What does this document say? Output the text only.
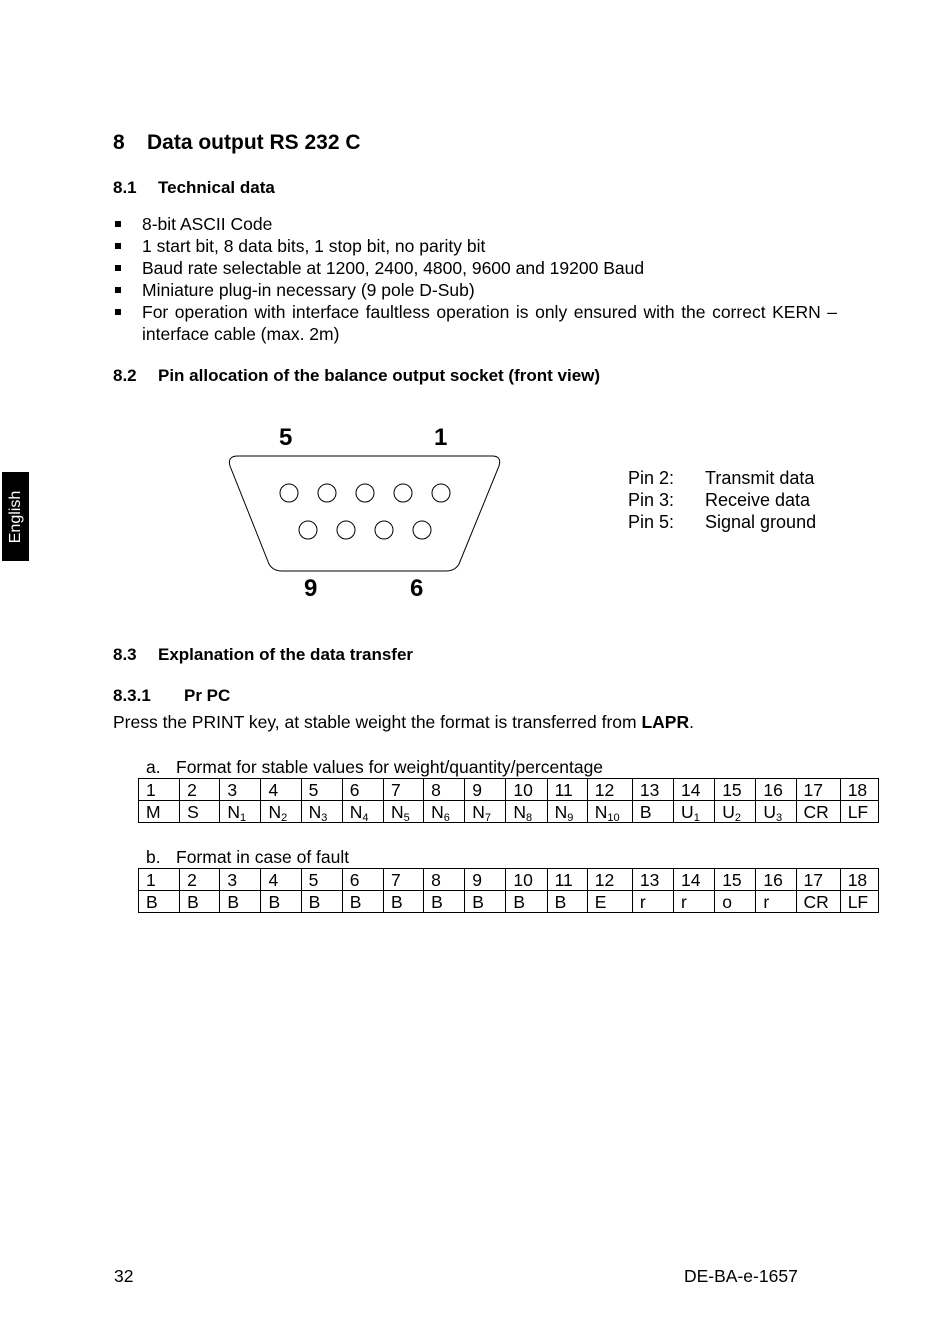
8 Data output RS 232 C
8.1 Technical data
8-bit ASCII Code
1 start bit, 8 data bits, 1 stop bit, no parity bit
Baud rate selectable at 1200, 2400, 4800, 9600 and 19200 Baud
Miniature plug-in necessary (9 pole D-Sub)
For operation with interface faultless operation is only ensured with the correct KERN – interface cable (max. 2m)
8.2 Pin allocation of the balance output socket (front view)
English
5	1
9	6
Pin 2:	Transmit data
Pin 3:	Receive data
Pin 5:	Signal ground
8.3 Explanation of the data transfer
8.3.1 Pr PC
Press the PRINT key, at stable weight the format is transferred from LAPR.
a. Format for stable values for weight/quantity/percentage
1	2	3	4	5	6	7	8	9	10	11	12	13	14	15	16	17	18
M	S	$N_1$	$N_2$	$N_3$	$N_4$	$N_5$	$N_6$	$N_7$	$N_8$	$N_9$	$N_{10}$	B	$U_1$	$U_2$	$U_3$	CR	LF
b. Format in case of fault
1	2	3	4	5	6	7	8	9	10	11	12	13	14	15	16	17	18
B	B	B	B	B	B	B	B	B	B	B	E	r	r	o	r	CR	LF
32	DE-BA-e-1657
